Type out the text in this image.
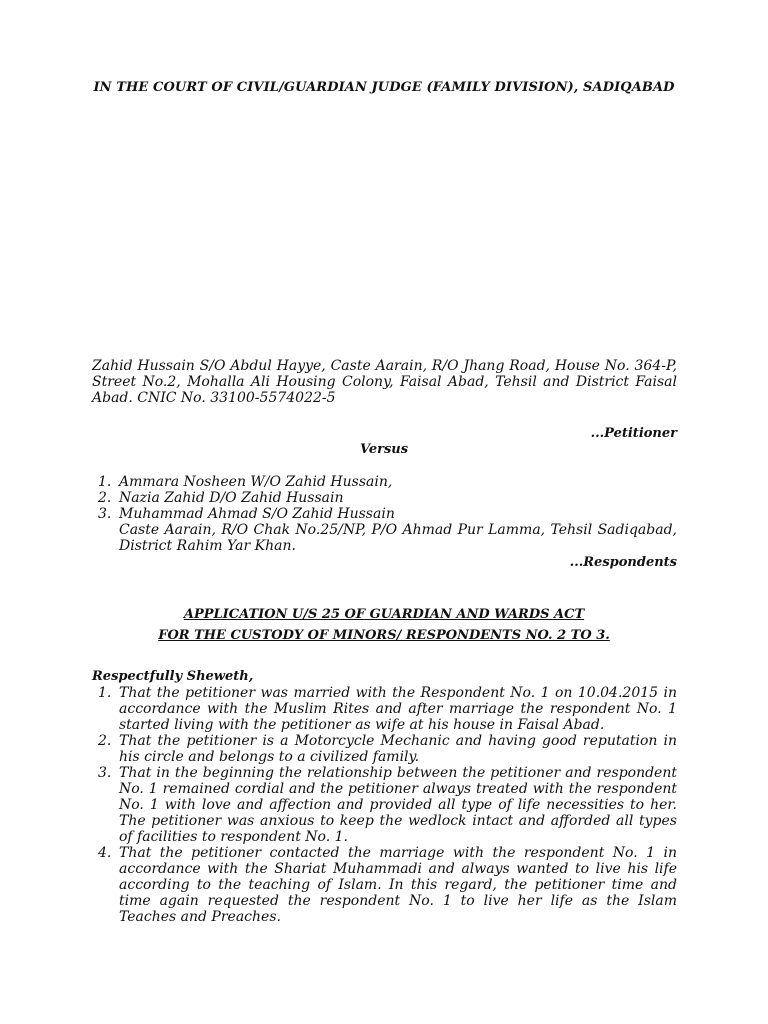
IN THE COURT OF CIVIL/GUARDIAN JUDGE (FAMILY DIVISION), SADIQABAD
Zahid Hussain S/O Abdul Hayye, Caste Aarain, R/O Jhang Road, House No. 364-P, Street No.2, Mohalla Ali Housing Colony, Faisal Abad, Tehsil and District Faisal Abad. CNIC No. 33100-5574022-5
...Petitioner
Versus
1. Ammara Nosheen W/O Zahid Hussain,
2. Nazia Zahid D/O Zahid Hussain
3. Muhammad Ahmad S/O Zahid Hussain
Caste Aarain, R/O Chak No.25/NP, P/O Ahmad Pur Lamma, Tehsil Sadiqabad, District Rahim Yar Khan.
...Respondents
APPLICATION U/S 25 OF GUARDIAN AND WARDS ACT
FOR THE CUSTODY OF MINORS/ RESPONDENTS NO. 2 TO 3.
Respectfully Sheweth,
1. That the petitioner was married with the Respondent No. 1 on 10.04.2015 in accordance with the Muslim Rites and after marriage the respondent No. 1 started living with the petitioner as wife at his house in Faisal Abad.
2. That the petitioner is a Motorcycle Mechanic and having good reputation in his circle and belongs to a civilized family.
3. That in the beginning the relationship between the petitioner and respondent No. 1 remained cordial and the petitioner always treated with the respondent No. 1 with love and affection and provided all type of life necessities to her. The petitioner was anxious to keep the wedlock intact and afforded all types of facilities to respondent No. 1.
4. That the petitioner contacted the marriage with the respondent No. 1 in accordance with the Shariat Muhammadi and always wanted to live his life according to the teaching of Islam. In this regard, the petitioner time and time again requested the respondent No. 1 to live her life as the Islam Teaches and Preaches.
